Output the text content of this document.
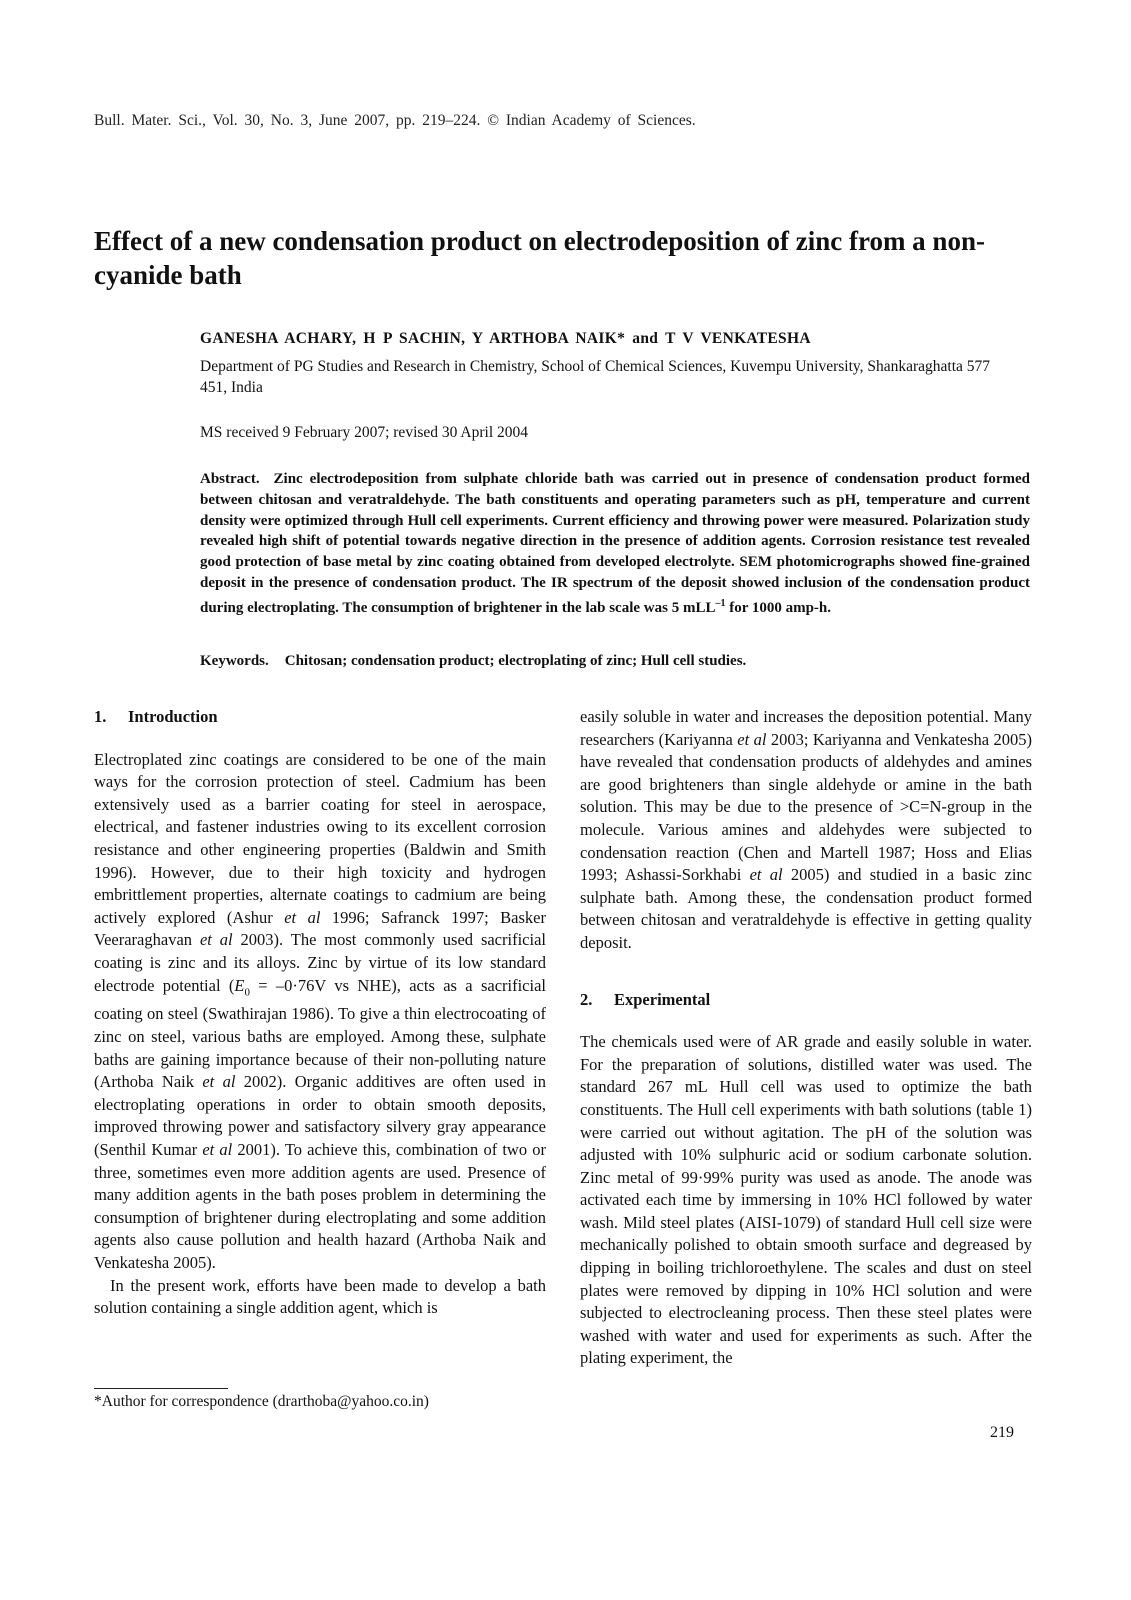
Bull. Mater. Sci., Vol. 30, No. 3, June 2007, pp. 219–224. © Indian Academy of Sciences.
Effect of a new condensation product on electrodeposition of zinc from a non-cyanide bath
GANESHA ACHARY, H P SACHIN, Y ARTHOBA NAIK* and T V VENKATESHA
Department of PG Studies and Research in Chemistry, School of Chemical Sciences, Kuvempu University, Shankaraghatta 577 451, India
MS received 9 February 2007; revised 30 April 2004
Abstract. Zinc electrodeposition from sulphate chloride bath was carried out in presence of condensation product formed between chitosan and veratraldehyde. The bath constituents and operating parameters such as pH, temperature and current density were optimized through Hull cell experiments. Current efficiency and throwing power were measured. Polarization study revealed high shift of potential towards negative direction in the presence of addition agents. Corrosion resistance test revealed good protection of base metal by zinc coating obtained from developed electrolyte. SEM photomicrographs showed fine-grained deposit in the presence of condensation product. The IR spectrum of the deposit showed inclusion of the condensation product during electroplating. The consumption of brightener in the lab scale was 5 mLL$^{-1}$ for 1000 amp-h.
Keywords. Chitosan; condensation product; electroplating of zinc; Hull cell studies.
1. Introduction

Electroplated zinc coatings are considered to be one of the main ways for the corrosion protection of steel. Cadmium has been extensively used as a barrier coating for steel in aerospace, electrical, and fastener industries owing to its excellent corrosion resistance and other engineering properties (Baldwin and Smith 1996). However, due to their high toxicity and hydrogen embrittlement properties, alternate coatings to cadmium are being actively explored (Ashur et al 1996; Safranck 1997; Basker Veeraraghavan et al 2003). The most commonly used sacrificial coating is zinc and its alloys. Zinc by virtue of its low standard electrode potential ($E_0 = -0\cdot 76V$ vs NHE), acts as a sacrificial coating on steel (Swathirajan 1986). To give a thin electrocoating of zinc on steel, various baths are employed. Among these, sulphate baths are gaining importance because of their non-polluting nature (Arthoba Naik et al 2002). Organic additives are often used in electroplating operations in order to obtain smooth deposits, improved throwing power and satisfactory silvery gray appearance (Senthil Kumar et al 2001). To achieve this, combination of two or three, sometimes even more addition agents are used. Presence of many addition agents in the bath poses problem in determining the consumption of brightener during electroplating and some addition agents also cause pollution and health hazard (Arthoba Naik and Venkatesha 2005).

In the present work, efforts have been made to develop a bath solution containing a single addition agent, which is

easily soluble in water and increases the deposition potential. Many researchers (Kariyanna et al 2003; Kariyanna and Venkatesha 2005) have revealed that condensation products of aldehydes and amines are good brighteners than single aldehyde or amine in the bath solution. This may be due to the presence of >C=N-group in the molecule. Various amines and aldehydes were subjected to condensation reaction (Chen and Martell 1987; Hoss and Elias 1993; Ashassi-Sorkhabi et al 2005) and studied in a basic zinc sulphate bath. Among these, the condensation product formed between chitosan and veratraldehyde is effective in getting quality deposit.

2. Experimental

The chemicals used were of AR grade and easily soluble in water. For the preparation of solutions, distilled water was used. The standard 267 mL Hull cell was used to optimize the bath constituents. The Hull cell experiments with bath solutions (table 1) were carried out without agitation. The pH of the solution was adjusted with 10% sulphuric acid or sodium carbonate solution. Zinc metal of 99·99% purity was used as anode. The anode was activated each time by immersing in 10% HCl followed by water wash. Mild steel plates (AISI-1079) of standard Hull cell size were mechanically polished to obtain smooth surface and degreased by dipping in boiling trichloroethylene. The scales and dust on steel plates were removed by dipping in 10% HCl solution and were subjected to electrocleaning process. Then these steel plates were washed with water and used for experiments as such. After the plating experiment, the

*Author for correspondence (drarthoba@yahoo.co.in)
219
